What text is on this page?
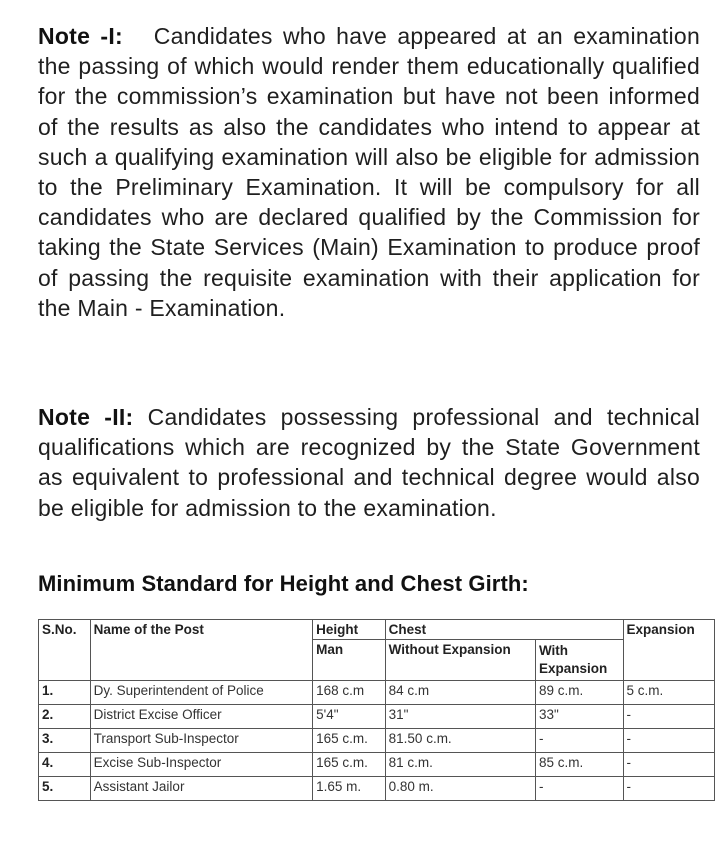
Note -I: Candidates who have appeared at an examination the passing of which would render them educationally qualified for the commission’s examination but have not been informed of the results as also the candidates who intend to appear at such a qualifying examination will also be eligible for admission to the Preliminary Examination. It will be compulsory for all candidates who are declared qualified by the Commission for taking the State Services (Main) Examination to produce proof of passing the requisite examination with their application for the Main - Examination.
Note -II: Candidates possessing professional and technical qualifications which are recognized by the State Government as equivalent to professional and technical degree would also be eligible for admission to the examination.
Minimum Standard for Height and Chest Girth:
S.No.	Name of the Post	Height	Chest		Expansion
		Man	Without Expansion	With Expansion	
1.	Dy. Superintendent of Police	168 c.m	84 c.m	89 c.m.	5 c.m.
2.	District Excise Officer	5'4"	31"	33"	-
3.	Transport Sub-Inspector	165 c.m.	81.50 c.m.	-	-
4.	Excise Sub-Inspector	165 c.m.	81 c.m.	85 c.m.	-
5.	Assistant Jailor	1.65 m.	0.80 m.	-	-
